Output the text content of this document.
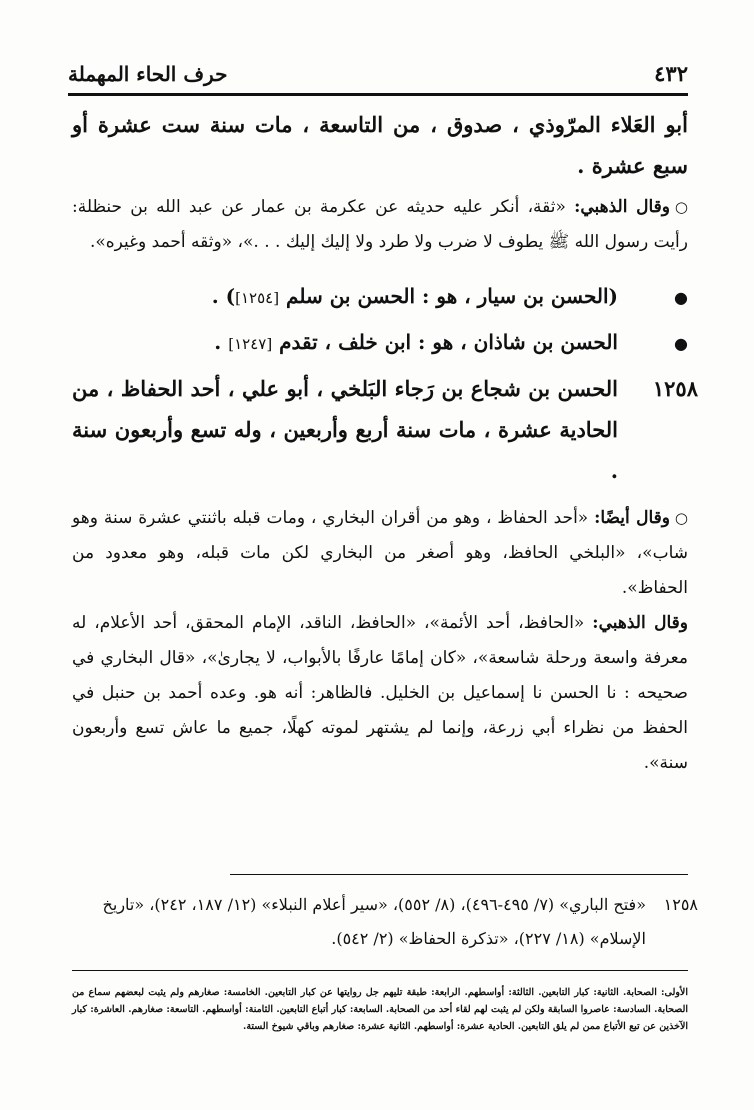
٤٣٢
حرف الحاء المهملة

أبو العَلاء المرّوذي ، صدوق ، من التاسعة ، مات سنة ست عشرة أو سبع عشرة .

○وقال الذهبي: «ثقة، أنكر عليه حديثه عن عكرمة بن عمار عن عبد الله بن حنظلة: رأيت رسول الله ﷺ يطوف لا ضرب ولا طرد ولا إليك إليك . . .»، «وثقه أحمد وغيره».

●(الحسن بن سيار ، هو : الحسن بن سلم [١٢٥٤]) .

●الحسن بن شاذان ، هو : ابن خلف ، تقدم [١٢٤٧] .

١٢٥٨
الحسن بن شجاع بن رَجاء البَلخي ، أبو علي ، أحد الحفاظ ، من الحادية عشرة ، مات سنة أربع وأربعين ، وله تسع وأربعون سنة .

○وقال أيضًا: «أحد الحفاظ ، وهو من أقران البخاري ، ومات قبله باثنتي عشرة سنة وهو شاب»، «البلخي الحافظ، وهو أصغر من البخاري لكن مات قبله، وهو معدود من الحفاظ».

وقال الذهبي: «الحافظ، أحد الأئمة»، «الحافظ، الناقد، الإمام المحقق، أحد الأعلام، له معرفة واسعة ورحلة شاسعة»، «كان إمامًا عارفًا بالأبواب، لا يجارىٰ»، «قال البخاري في صحيحه : نا الحسن نا إسماعيل بن الخليل. فالظاهر: أنه هو. وعده أحمد بن حنبل في الحفظ من نظراء أبي زرعة، وإنما لم يشتهر لموته كهلًا، جميع ما عاش تسع وأربعون سنة».

١٢٥٨
«فتح الباري» (٧/ ٤٩٥-٤٩٦)، (٨/ ٥٥٢)، «سير أعلام النبلاء» (١٢/ ١٨٧، ٢٤٢)، «تاريخ الإسلام» (١٨/ ٢٢٧)، «تذكرة الحفاظ» (٢/ ٥٤٢).
الأولى: الصحابة. الثانية: كبار التابعين. الثالثة: أواسطهم. الرابعة: طبقة تليهم جل روايتها عن كبار التابعين. الخامسة: صغارهم ولم يثبت لبعضهم سماع من الصحابة. السادسة: عاصروا السابقة ولكن لم يثبت لهم لقاء أحد من الصحابة. السابعة: كبار أتباع التابعين. الثامنة: أواسطهم. التاسعة: صغارهم. العاشرة: كبار الآخذين عن تبع الأتباع ممن لم يلق التابعين. الحادية عشرة: أواسطهم. الثانية عشرة: صغارهم وباقي شيوخ الستة.
